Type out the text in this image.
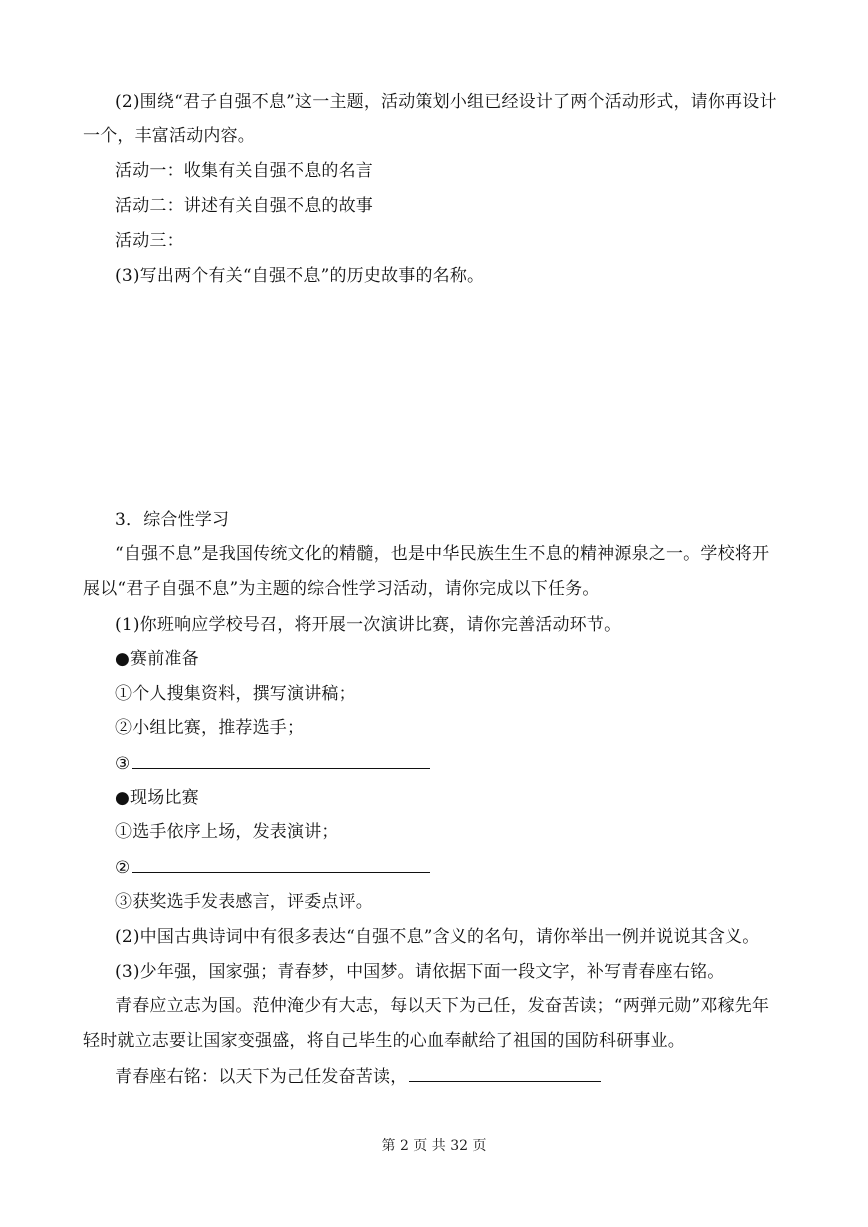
(2)围绕“君子自强不息”这一主题，活动策划小组已经设计了两个活动形式，请你再设计
一个，丰富活动内容。
活动一：收集有关自强不息的名言
活动二：讲述有关自强不息的故事
活动三：
(3)写出两个有关“自强不息”的历史故事的名称。
3．综合性学习
“自强不息”是我国传统文化的精髓，也是中华民族生生不息的精神源泉之一。学校将开
展以“君子自强不息”为主题的综合性学习活动，请你完成以下任务。
(1)你班响应学校号召，将开展一次演讲比赛，请你完善活动环节。
●赛前准备
①个人搜集资料，撰写演讲稿；
②小组比赛，推荐选手；
③
●现场比赛
①选手依序上场，发表演讲；
②
③获奖选手发表感言，评委点评。
(2)中国古典诗词中有很多表达“自强不息”含义的名句，请你举出一例并说说其含义。
(3)少年强，国家强；青春梦，中国梦。请依据下面一段文字，补写青春座右铭。
青春应立志为国。范仲淹少有大志，每以天下为己任，发奋苦读；“两弹元勋”邓稼先年
轻时就立志要让国家变强盛，将自己毕生的心血奉献给了祖国的国防科研事业。
青春座右铭：以天下为己任发奋苦读，
第 2 页 共 32 页
